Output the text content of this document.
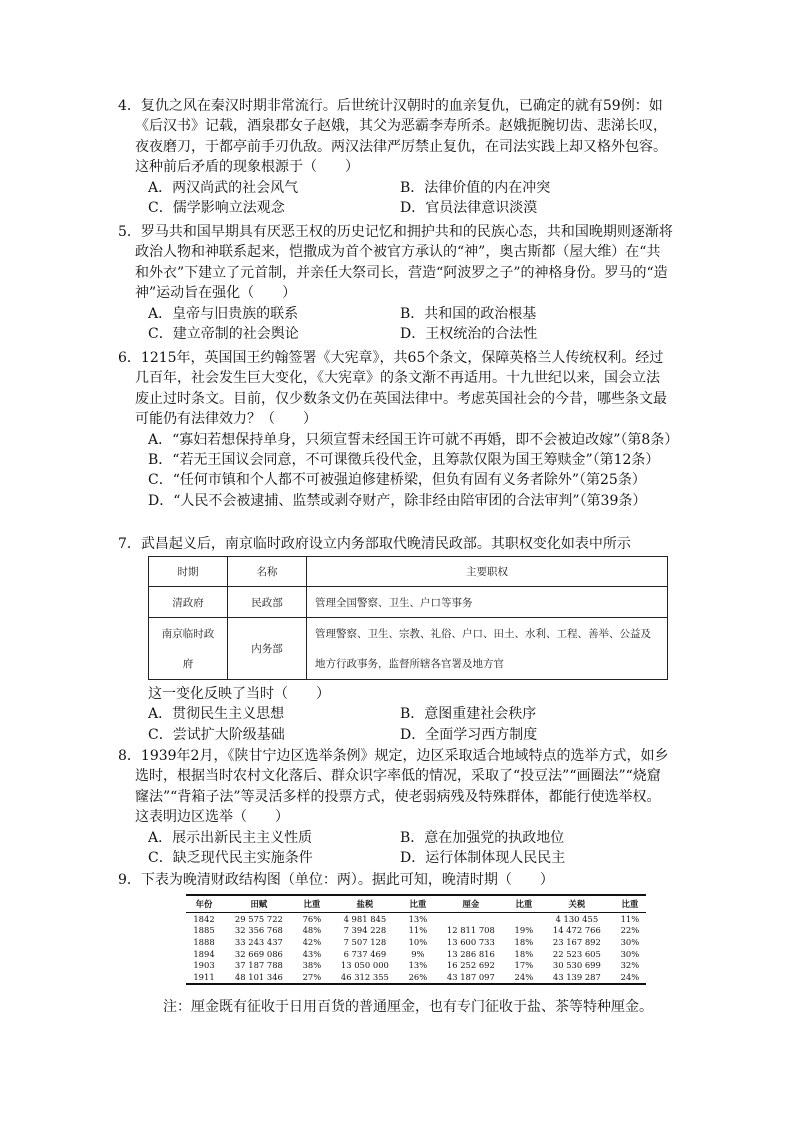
4．复仇之风在秦汉时期非常流行。后世统计汉朝时的血亲复仇，已确定的就有59例：如《后汉书》记载，酒泉郡女子赵娥，其父为恶霸李寿所杀。赵娥扼腕切齿、悲涕长叹，夜夜磨刀，于都亭前手刃仇敌。两汉法律严厉禁止复仇，在司法实践上却又格外包容。这种前后矛盾的现象根源于（　　）

A．两汉尚武的社会风气	B．法律价值的内在冲突
C．儒学影响立法观念	D．官员法律意识淡漠

5．罗马共和国早期具有厌恶王权的历史记忆和拥护共和的民族心态，共和国晚期则逐渐将政治人物和神联系起来，恺撒成为首个被官方承认的“神”，奥古斯都（屋大维）在“共和外衣”下建立了元首制，并亲任大祭司长，营造“阿波罗之子”的神格身份。罗马的“造神”运动旨在强化（　　）

A．皇帝与旧贵族的联系	B．共和国的政治根基
C．建立帝制的社会舆论	D．王权统治的合法性

6．1215年，英国国王约翰签署《大宪章》，共65个条文，保障英格兰人传统权利。经过几百年，社会发生巨大变化，《大宪章》的条文渐不再适用。十九世纪以来，国会立法废止过时条文。目前，仅少数条文仍在英国法律中。考虑英国社会的今昔，哪些条文最可能仍有法律效力？（　　）

A．“寡妇若想保持单身，只须宣誓未经国王许可就不再婚，即不会被迫改嫁”（第8条）

B．“若无王国议会同意，不可课徵兵役代金，且筹款仅限为国王筹赎金”（第12条）

C．“任何市镇和个人都不可被强迫修建桥梁，但负有固有义务者除外”（第25条）

D．“人民不会被逮捕、监禁或剥夺财产，除非经由陪审团的合法审判”（第39条）

7．武昌起义后，南京临时政府设立内务部取代晚清民政部。其职权变化如表中所示

时期	名称	主要职权
清政府	民政部	管理全国警察、卫生、户口等事务
南京临时政府	内务部	管理警察、卫生、宗教、礼俗、户口、田土、水利、工程、善举、公益及地方行政事务，监督所辖各官署及地方官

这一变化反映了当时（　　）

A．贯彻民生主义思想	B．意图重建社会秩序
C．尝试扩大阶级基础	D．全面学习西方制度

8．1939年2月，《陕甘宁边区选举条例》规定，边区采取适合地域特点的选举方式，如乡选时，根据当时农村文化落后、群众识字率低的情况，采取了“投豆法”“画圈法”“烧窟窿法”“背箱子法”等灵活多样的投票方式，使老弱病残及特殊群体，都能行使选举权。这表明边区选举（　　）

A．展示出新民主主义性质	B．意在加强党的执政地位
C．缺乏现代民主实施条件	D．运行体制体现人民民主

9．下表为晚清财政结构图（单位：两）。据此可知，晚清时期（　　）

年份	田赋	比重	盐税	比重	厘金	比重	关税	比重
1842	29 575 722	76%	4 981 845	13%			4 130 455	11%
1885	32 356 768	48%	7 394 228	11%	12 811 708	19%	14 472 766	22%
1888	33 243 437	42%	7 507 128	10%	13 600 733	18%	23 167 892	30%
1894	32 669 086	43%	6 737 469	9%	13 286 816	18%	22 523 605	30%
1903	37 187 788	38%	13 050 000	13%	16 252 692	17%	30 530 699	32%
1911	48 101 346	27%	46 312 355	26%	43 187 097	24%	43 139 287	24%

注：厘金既有征收于日用百货的普通厘金，也有专门征收于盐、茶等特种厘金。
